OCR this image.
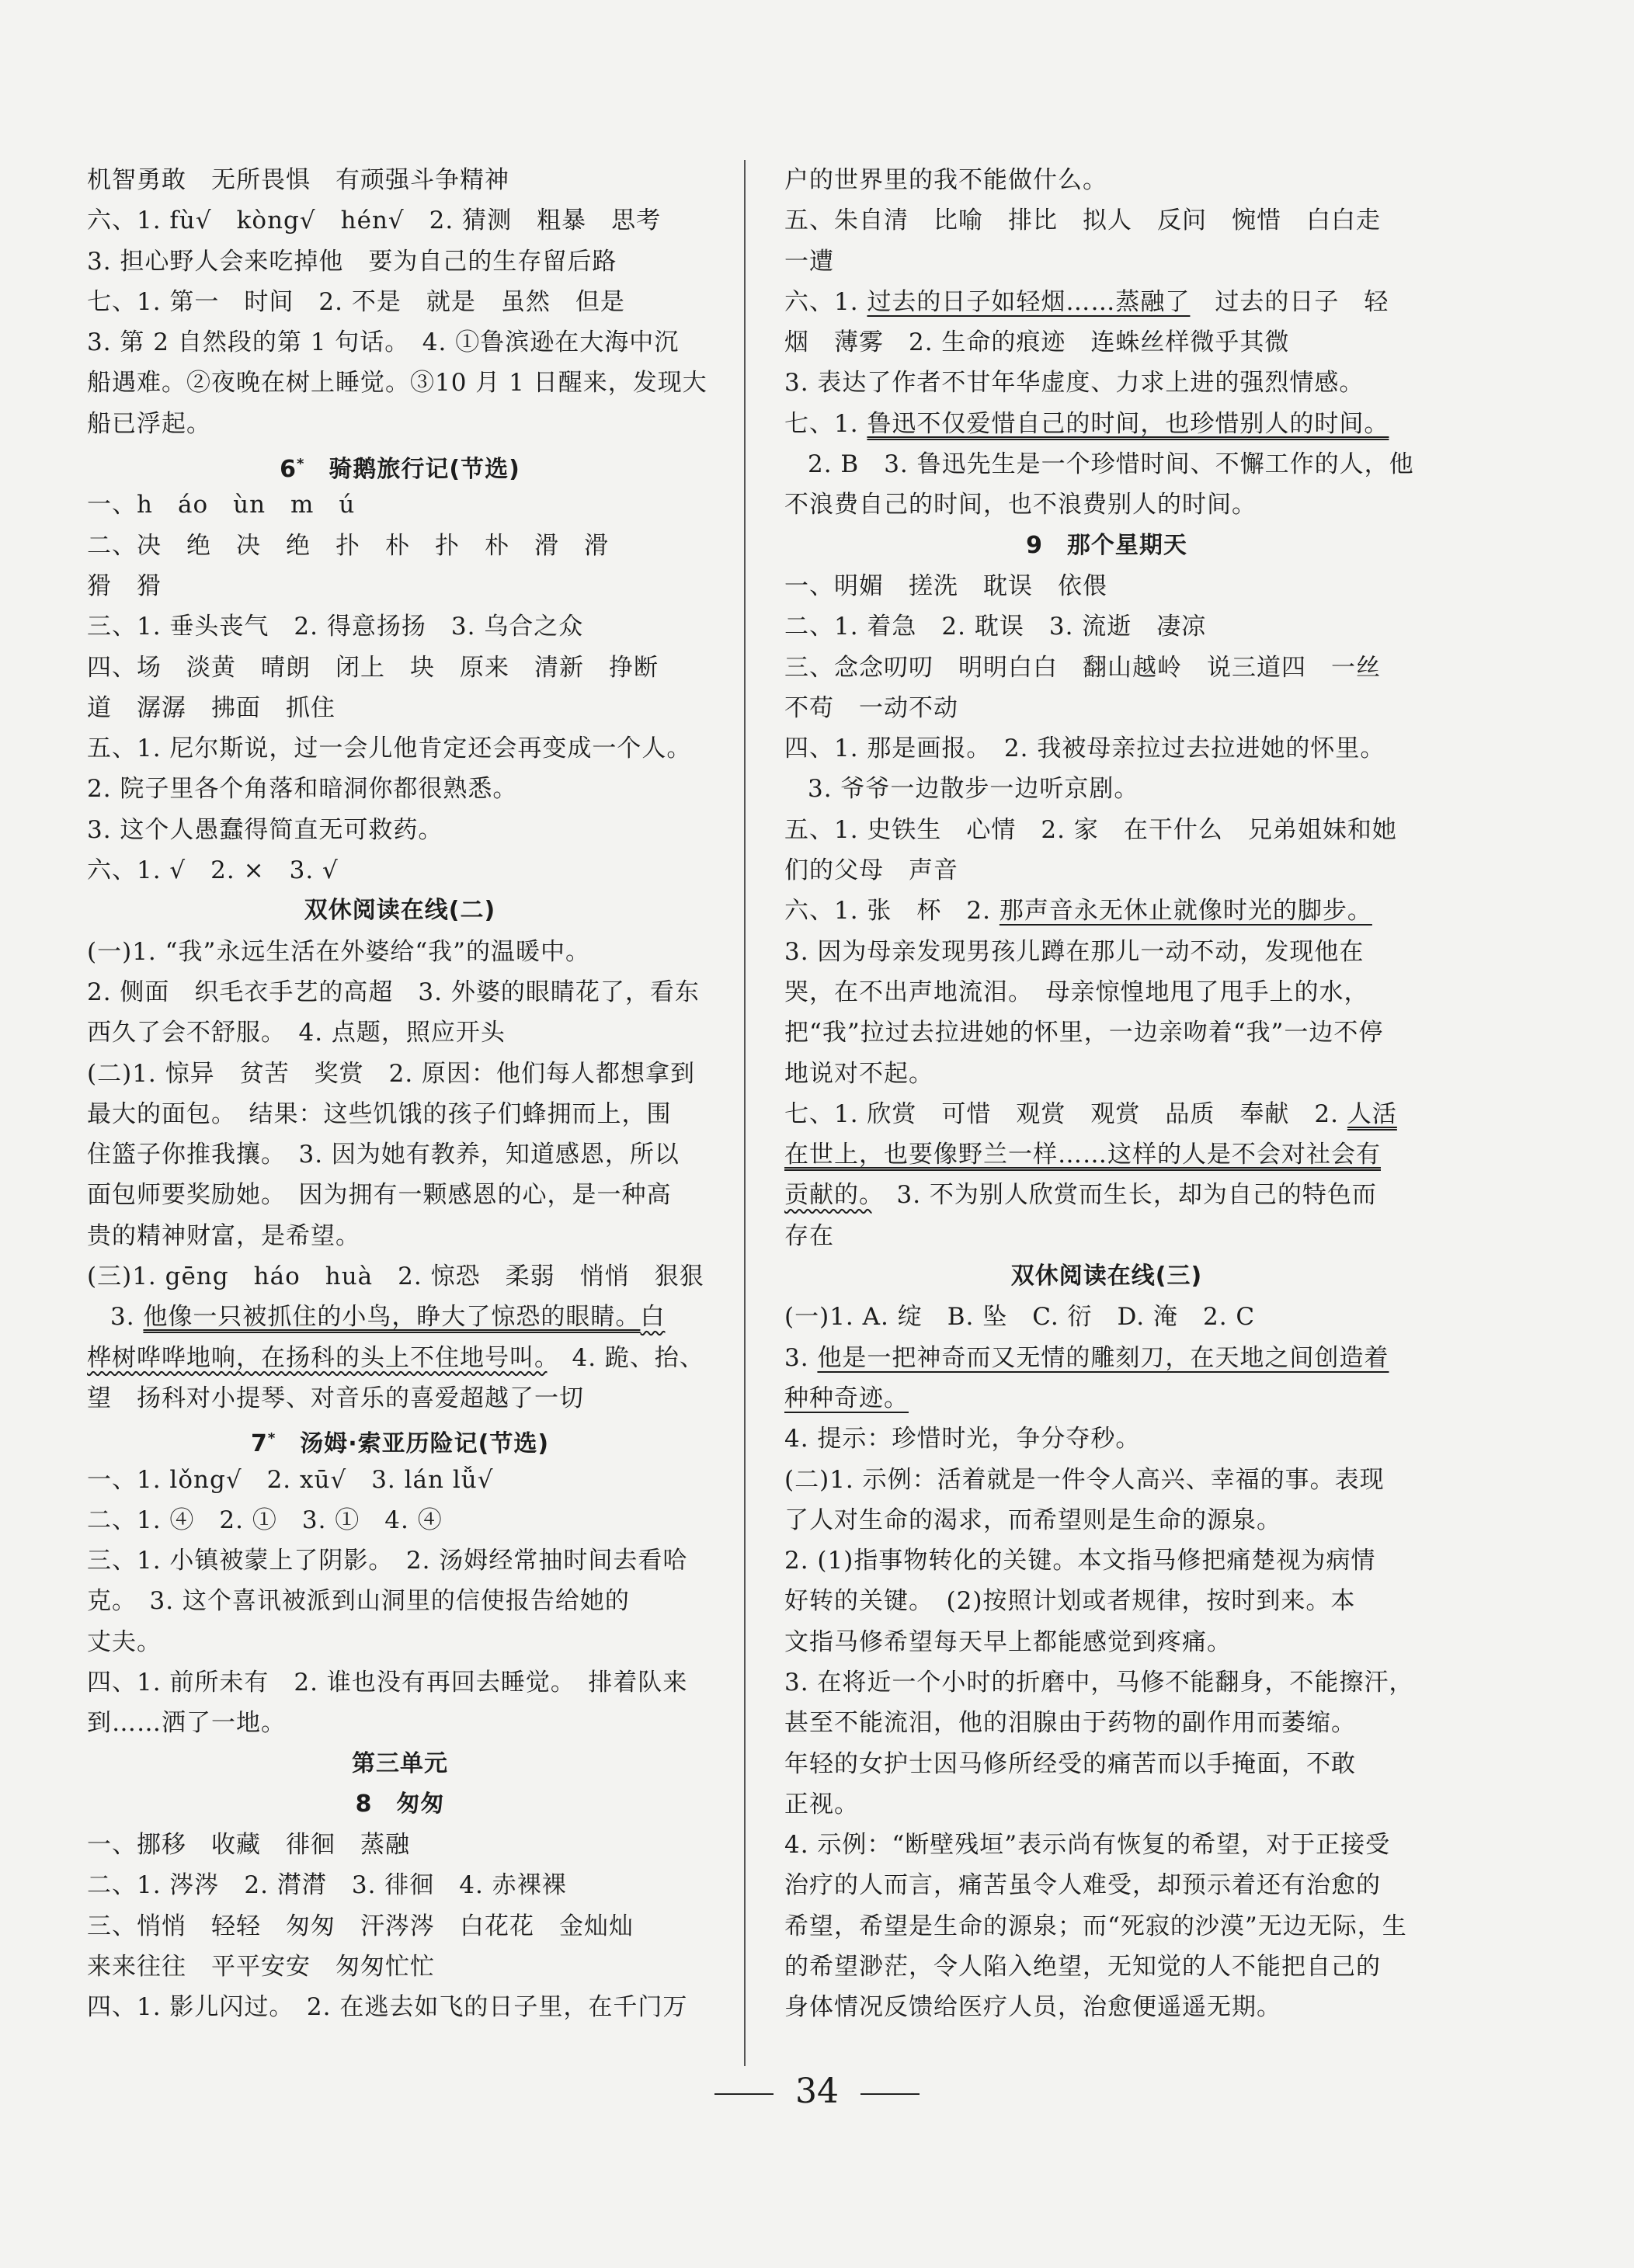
机智勇敢　无所畏惧　有顽强斗争精神
六、1. fù√　kòng√　hén√　2. 猜测　粗暴　思考
3. 担心野人会来吃掉他　要为自己的生存留后路
七、1. 第一　时间　2. 不是　就是　虽然　但是
3. 第 2 自然段的第 1 句话。　4. ①鲁滨逊在大海中沉
船遇难。②夜晚在树上睡觉。③10 月 1 日醒来，发现大
船已浮起。
6*　骑鹅旅行记(节选)
一、h　áo　ùn　m　ú
二、决　绝　决　绝　扑　朴　扑　朴　滑　滑
猾　猾
三、1. 垂头丧气　2. 得意扬扬　3. 乌合之众
四、场　淡黄　晴朗　闭上　块　原来　清新　挣断
道　潺潺　拂面　抓住
五、1. 尼尔斯说，过一会儿他肯定还会再变成一个人。
2. 院子里各个角落和暗洞你都很熟悉。
3. 这个人愚蠢得简直无可救药。
六、1. √　2. ×　3. √
双休阅读在线(二)
(一)1. “我”永远生活在外婆给“我”的温暖中。
2. 侧面　织毛衣手艺的高超　3. 外婆的眼睛花了，看东
西久了会不舒服。　4. 点题，照应开头
(二)1. 惊异　贫苦　奖赏　2. 原因：他们每人都想拿到
最大的面包。　结果：这些饥饿的孩子们蜂拥而上，围
住篮子你推我攘。　3. 因为她有教养，知道感恩，所以
面包师要奖励她。　因为拥有一颗感恩的心，是一种高
贵的精神财富，是希望。
(三)1. gēng　háo　huà　2. 惊恐　柔弱　悄悄　狠狠
3. 他像一只被抓住的小鸟，睁大了惊恐的眼睛。白　
桦树哗哗地响，在扬科的头上不住地号叫。　4. 跪、抬、
望　扬科对小提琴、对音乐的喜爱超越了一切
7*　汤姆·索亚历险记(节选)
一、1. lǒng√　2. xū√　3. lán lǚ√
二、1. ④　2. ①　3. ①　4. ④
三、1. 小镇被蒙上了阴影。　2. 汤姆经常抽时间去看哈
克。　3. 这个喜讯被派到山洞里的信使报告给她的
丈夫。
四、1. 前所未有　2. 谁也没有再回去睡觉。　排着队来
到……洒了一地。
第三单元
8　匆匆
一、挪移　收藏　徘徊　蒸融
二、1. 涔涔　2. 潸潸　3. 徘徊　4. 赤裸裸
三、悄悄　轻轻　匆匆　汗涔涔　白花花　金灿灿
来来往往　平平安安　匆匆忙忙
四、1. 影儿闪过。　2. 在逃去如飞的日子里，在千门万
户的世界里的我不能做什么。
五、朱自清　比喻　排比　拟人　反问　惋惜　白白走
一遭
六、1. 过去的日子如轻烟……蒸融了　过去的日子　轻
烟　薄雾　2. 生命的痕迹　连蛛丝样微乎其微
3. 表达了作者不甘年华虚度、力求上进的强烈情感。
七、1. 鲁迅不仅爱惜自己的时间，也珍惜别人的时间。
2. B　3. 鲁迅先生是一个珍惜时间、不懈工作的人，他
不浪费自己的时间，也不浪费别人的时间。
9　那个星期天
一、明媚　搓洗　耽误　依偎
二、1. 着急　2. 耽误　3. 流逝　凄凉
三、念念叨叨　明明白白　翻山越岭　说三道四　一丝
不苟　一动不动
四、1. 那是画报。　2. 我被母亲拉过去拉进她的怀里。
3. 爷爷一边散步一边听京剧。
五、1. 史铁生　心情　2. 家　在干什么　兄弟姐妹和她
们的父母　声音
六、1. 张　杯　2. 那声音永无休止就像时光的脚步。
3. 因为母亲发现男孩儿蹲在那儿一动不动，发现他在
哭，在不出声地流泪。　母亲惊惶地甩了甩手上的水，
把“我”拉过去拉进她的怀里，一边亲吻着“我”一边不停
地说对不起。
七、1. 欣赏　可惜　观赏　观赏　品质　奉献　2. 人活
在世上，也要像野兰一样……这样的人是不会对社会有
贡献的。　3. 不为别人欣赏而生长，却为自己的特色而
存在
双休阅读在线(三)
(一)1. A. 绽　B. 坠　C. 衍　D. 淹　2. C
3. 他是一把神奇而又无情的雕刻刀，在天地之间创造着
种种奇迹。
4. 提示：珍惜时光，争分夺秒。
(二)1. 示例：活着就是一件令人高兴、幸福的事。表现
了人对生命的渴求，而希望则是生命的源泉。
2. (1)指事物转化的关键。本文指马修把痛楚视为病情
好转的关键。　(2)按照计划或者规律，按时到来。本
文指马修希望每天早上都能感觉到疼痛。
3. 在将近一个小时的折磨中，马修不能翻身，不能擦汗，
甚至不能流泪，他的泪腺由于药物的副作用而萎缩。
年轻的女护士因马修所经受的痛苦而以手掩面，不敢
正视。
4. 示例：“断壁残垣”表示尚有恢复的希望，对于正接受
治疗的人而言，痛苦虽令人难受，却预示着还有治愈的
希望，希望是生命的源泉；而“死寂的沙漠”无边无际，生
的希望渺茫，令人陷入绝望，无知觉的人不能把自己的
身体情况反馈给医疗人员，治愈便遥遥无期。
34
